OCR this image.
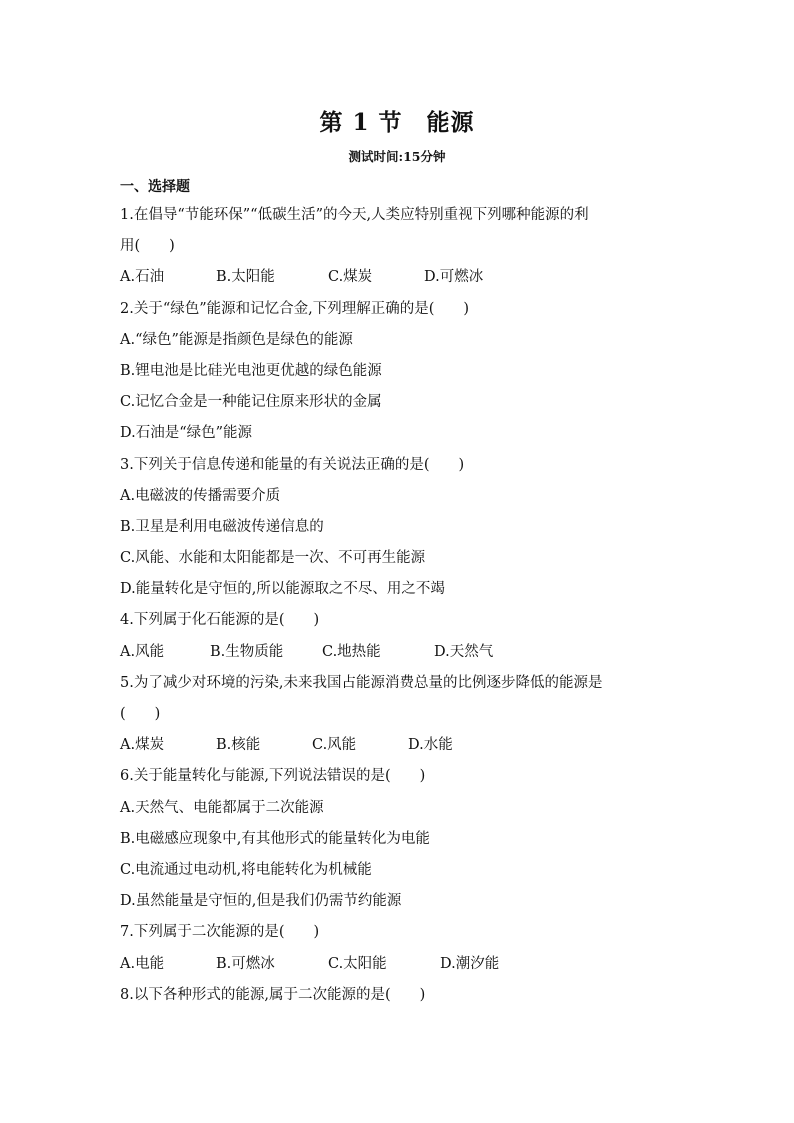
第 1 节　能源
测试时间:15分钟
一、选择题
1.在倡导“节能环保”“低碳生活”的今天,人类应特别重视下列哪种能源的利
用(　　)
A.石油	B.太阳能	C.煤炭	D.可燃冰
2.关于“绿色”能源和记忆合金,下列理解正确的是(　　)
A.“绿色”能源是指颜色是绿色的能源
B.锂电池是比硅光电池更优越的绿色能源
C.记忆合金是一种能记住原来形状的金属
D.石油是“绿色”能源
3.下列关于信息传递和能量的有关说法正确的是(　　)
A.电磁波的传播需要介质
B.卫星是利用电磁波传递信息的
C.风能、水能和太阳能都是一次、不可再生能源
D.能量转化是守恒的,所以能源取之不尽、用之不竭
4.下列属于化石能源的是(　　)
A.风能	B.生物质能	C.地热能	D.天然气
5.为了减少对环境的污染,未来我国占能源消费总量的比例逐步降低的能源是
(　　)
A.煤炭	B.核能	C.风能	D.水能
6.关于能量转化与能源,下列说法错误的是(　　)
A.天然气、电能都属于二次能源
B.电磁感应现象中,有其他形式的能量转化为电能
C.电流通过电动机,将电能转化为机械能
D.虽然能量是守恒的,但是我们仍需节约能源
7.下列属于二次能源的是(　　)
A.电能	B.可燃冰	C.太阳能	D.潮汐能
8.以下各种形式的能源,属于二次能源的是(　　)
